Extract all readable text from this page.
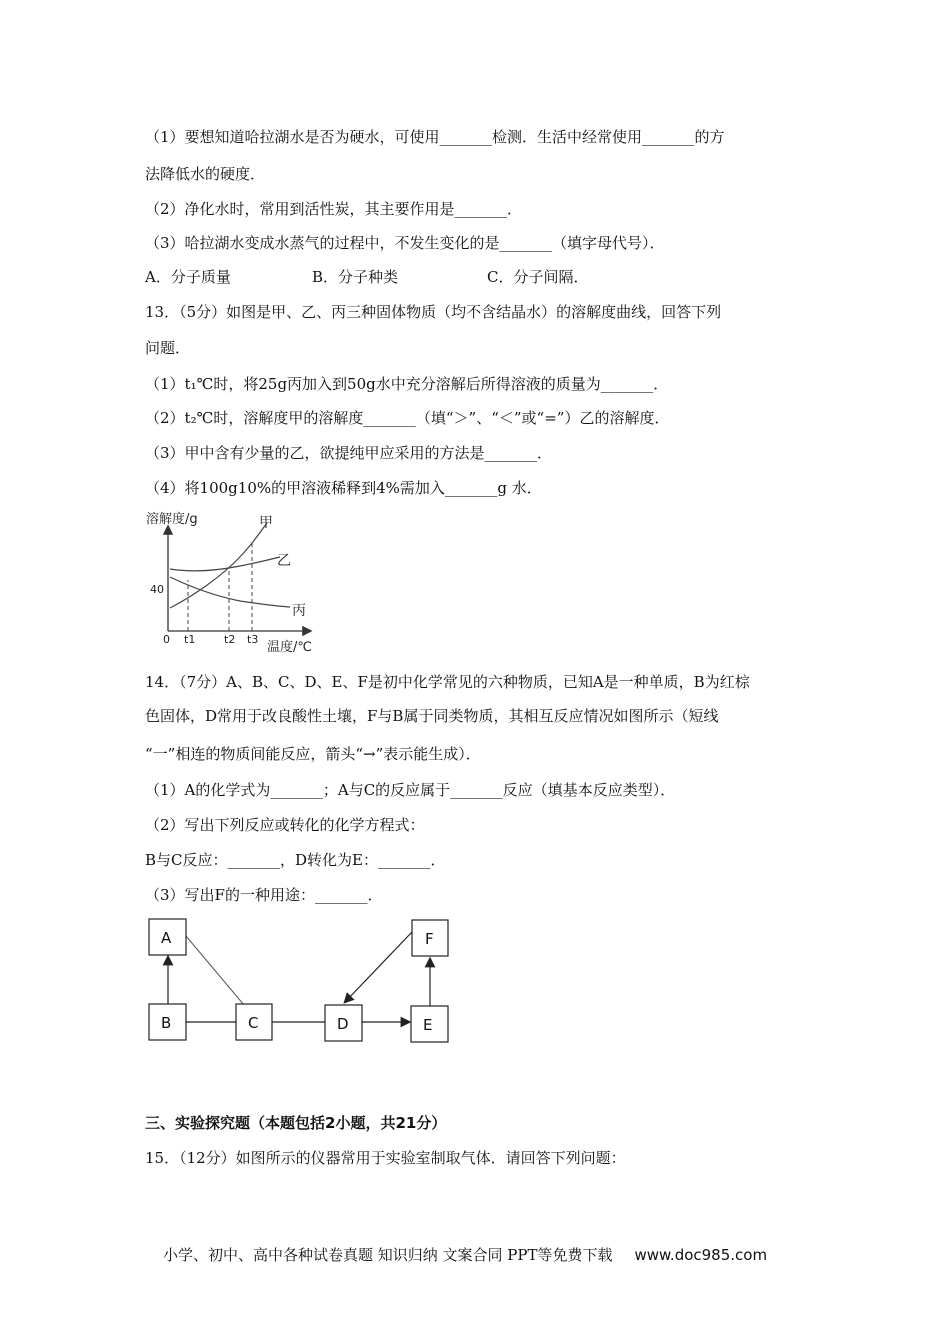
（1）要想知道哈拉湖水是否为硬水，可使用_______检测．生活中经常使用_______的方
法降低水的硬度．
（2）净化水时，常用到活性炭，其主要作用是_______．
（3）哈拉湖水变成水蒸气的过程中，不发生变化的是_______（填字母代号）．
A．分子质量	B．分子种类	C．分子间隔．
13．（5分）如图是甲、乙、丙三种固体物质（均不含结晶水）的溶解度曲线，回答下列
问题．
（1）t₁℃时，将25g丙加入到50g水中充分溶解后所得溶液的质量为_______．
（2）t₂℃时，溶解度甲的溶解度_______（填“＞”、“＜”或“=”）乙的溶解度．
（3）甲中含有少量的乙，欲提纯甲应采用的方法是_______．
（4）将100g10%的甲溶液稀释到4%需加入_______g 水．
溶解度/g
温度/℃
0
40
t1	t2 t3
甲
乙
丙
14．（7分）A、B、C、D、E、F是初中化学常见的六种物质，已知A是一种单质，B为红棕
色固体，D常用于改良酸性土壤，F与B属于同类物质，其相互反应情况如图所示（短线
“一”相连的物质间能反应，箭头“→”表示能生成）．
（1）A的化学式为_______；A与C的反应属于_______反应（填基本反应类型）．
（2）写出下列反应或转化的化学方程式：
B与C反应：_______，D转化为E：_______．
（3）写出F的一种用途：_______．
A
B	C	D	E
F
三、实验探究题（本题包括2小题，共21分）
15．（12分）如图所示的仪器常用于实验室制取气体．请回答下列问题：
小学、初中、高中各种试卷真题 知识归纳 文案合同 PPT等免费下载 www.doc985.com
